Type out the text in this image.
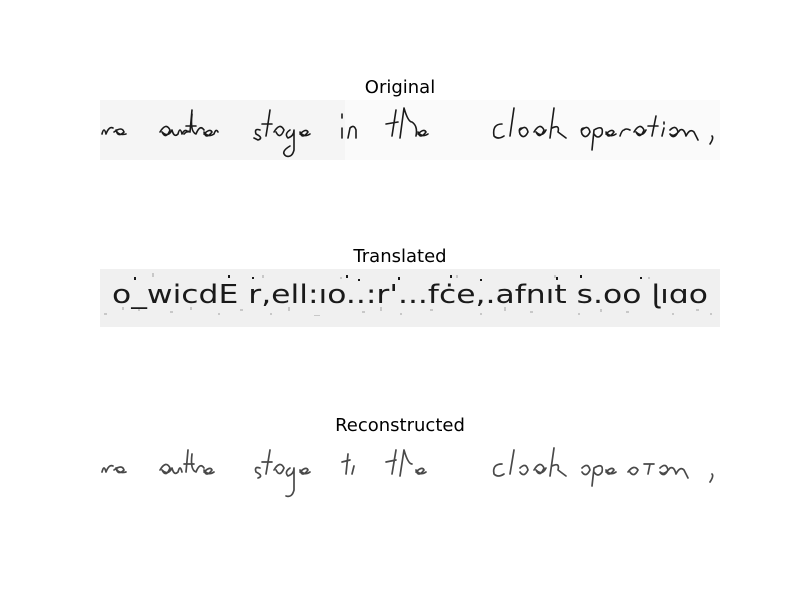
Original
Translated
o_wicdE r,ell:ıo..:r'...fċe,.afnıt s.oo ɭıɑo
Reconstructed
